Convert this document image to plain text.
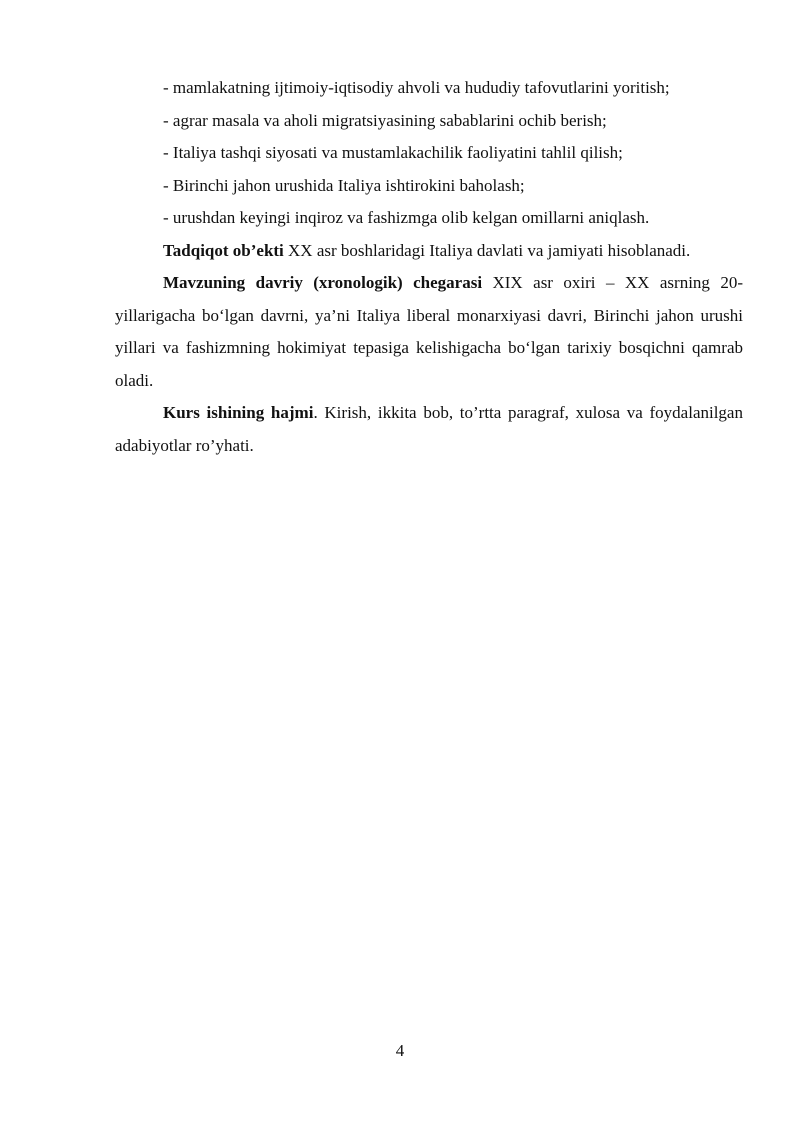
- mamlakatning ijtimoiy-iqtisodiy ahvoli va hududiy tafovutlarini yoritish;

- agrar masala va aholi migratsiyasining sabablarini ochib berish;

- Italiya tashqi siyosati va mustamlakachilik faoliyatini tahlil qilish;

- Birinchi jahon urushida Italiya ishtirokini baholash;

- urushdan keyingi inqiroz va fashizmga olib kelgan omillarni aniqlash.

Tadqiqot ob’ekti XX asr boshlaridagi Italiya davlati va jamiyati hisoblanadi.

Mavzuning davriy (xronologik) chegarasi XIX asr oxiri – XX asrning 20-yillarigacha bo‘lgan davrni, ya’ni Italiya liberal monarxiyasi davri, Birinchi jahon urushi yillari va fashizmning hokimiyat tepasiga kelishigacha bo‘lgan tarixiy bosqichni qamrab oladi.

Kurs ishining hajmi. Kirish, ikkita bob, to’rtta paragraf, xulosa va foydalanilgan adabiyotlar ro’yhati.

4
